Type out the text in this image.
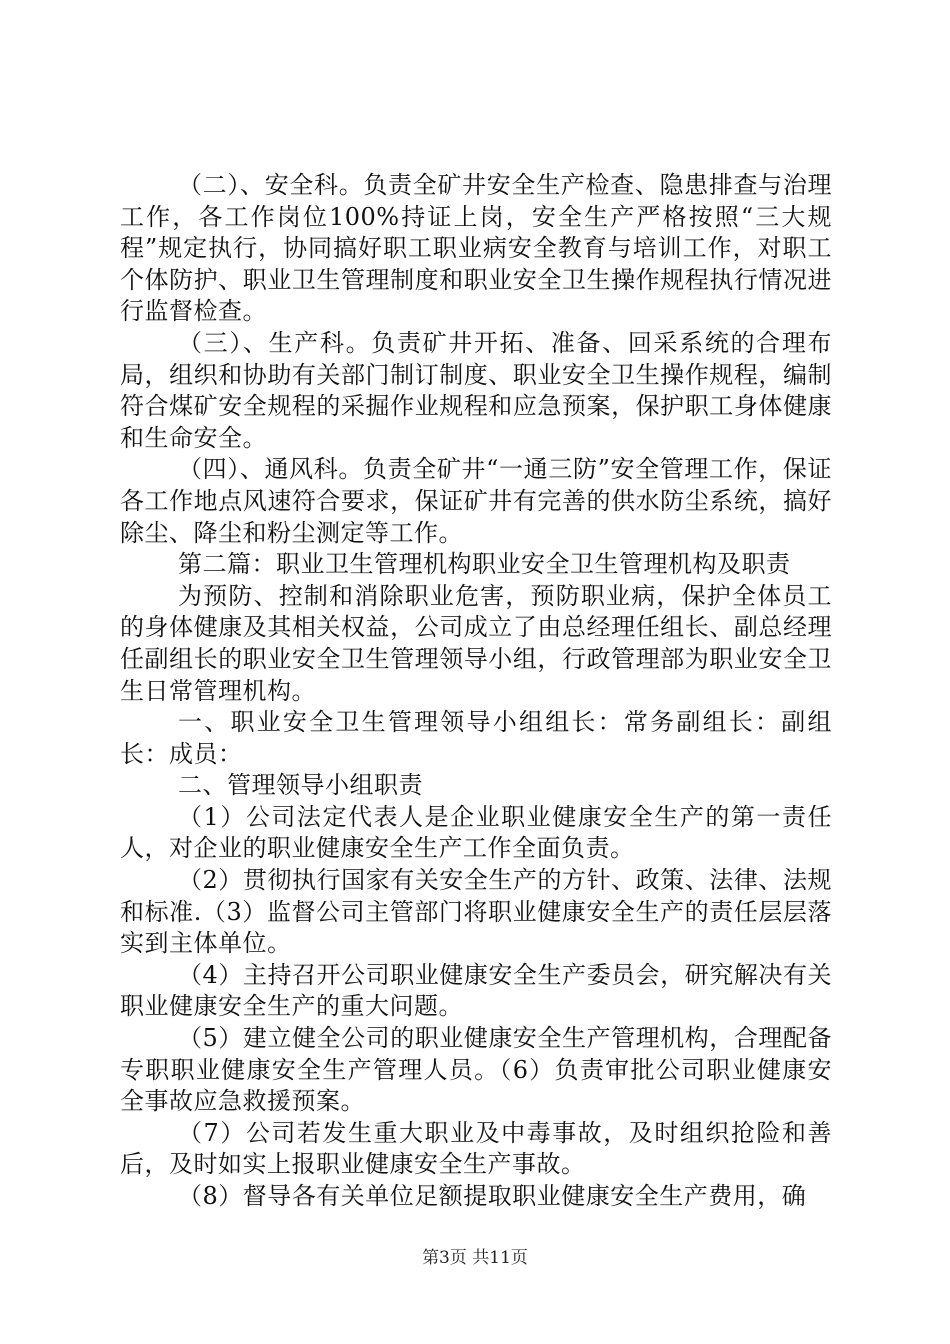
（二）、安全科。负责全矿井安全生产检查、隐患排查与治理工作，各工作岗位100%持证上岗，安全生产严格按照“三大规程”规定执行，协同搞好职工职业病安全教育与培训工作，对职工个体防护、职业卫生管理制度和职业安全卫生操作规程执行情况进行监督检查。

（三）、生产科。负责矿井开拓、准备、回采系统的合理布局，组织和协助有关部门制订制度、职业安全卫生操作规程，编制符合煤矿安全规程的采掘作业规程和应急预案，保护职工身体健康和生命安全。

（四）、通风科。负责全矿井“一通三防”安全管理工作，保证各工作地点风速符合要求，保证矿井有完善的供水防尘系统，搞好除尘、降尘和粉尘测定等工作。

第二篇：职业卫生管理机构职业安全卫生管理机构及职责

为预防、控制和消除职业危害，预防职业病，保护全体员工的身体健康及其相关权益，公司成立了由总经理任组长、副总经理任副组长的职业安全卫生管理领导小组，行政管理部为职业安全卫生日常管理机构。

一、职业安全卫生管理领导小组组长：常务副组长：副组长：成员：

二、管理领导小组职责

（1）公司法定代表人是企业职业健康安全生产的第一责任人，对企业的职业健康安全生产工作全面负责。

（2）贯彻执行国家有关安全生产的方针、政策、法律、法规和标准.（3）监督公司主管部门将职业健康安全生产的责任层层落实到主体单位。

（4）主持召开公司职业健康安全生产委员会，研究解决有关职业健康安全生产的重大问题。

（5）建立健全公司的职业健康安全生产管理机构，合理配备专职职业健康安全生产管理人员。（6）负责审批公司职业健康安全事故应急救援预案。

（7）公司若发生重大职业及中毒事故，及时组织抢险和善后，及时如实上报职业健康安全生产事故。

（8）督导各有关单位足额提取职业健康安全生产费用，确

第3页 共11页
